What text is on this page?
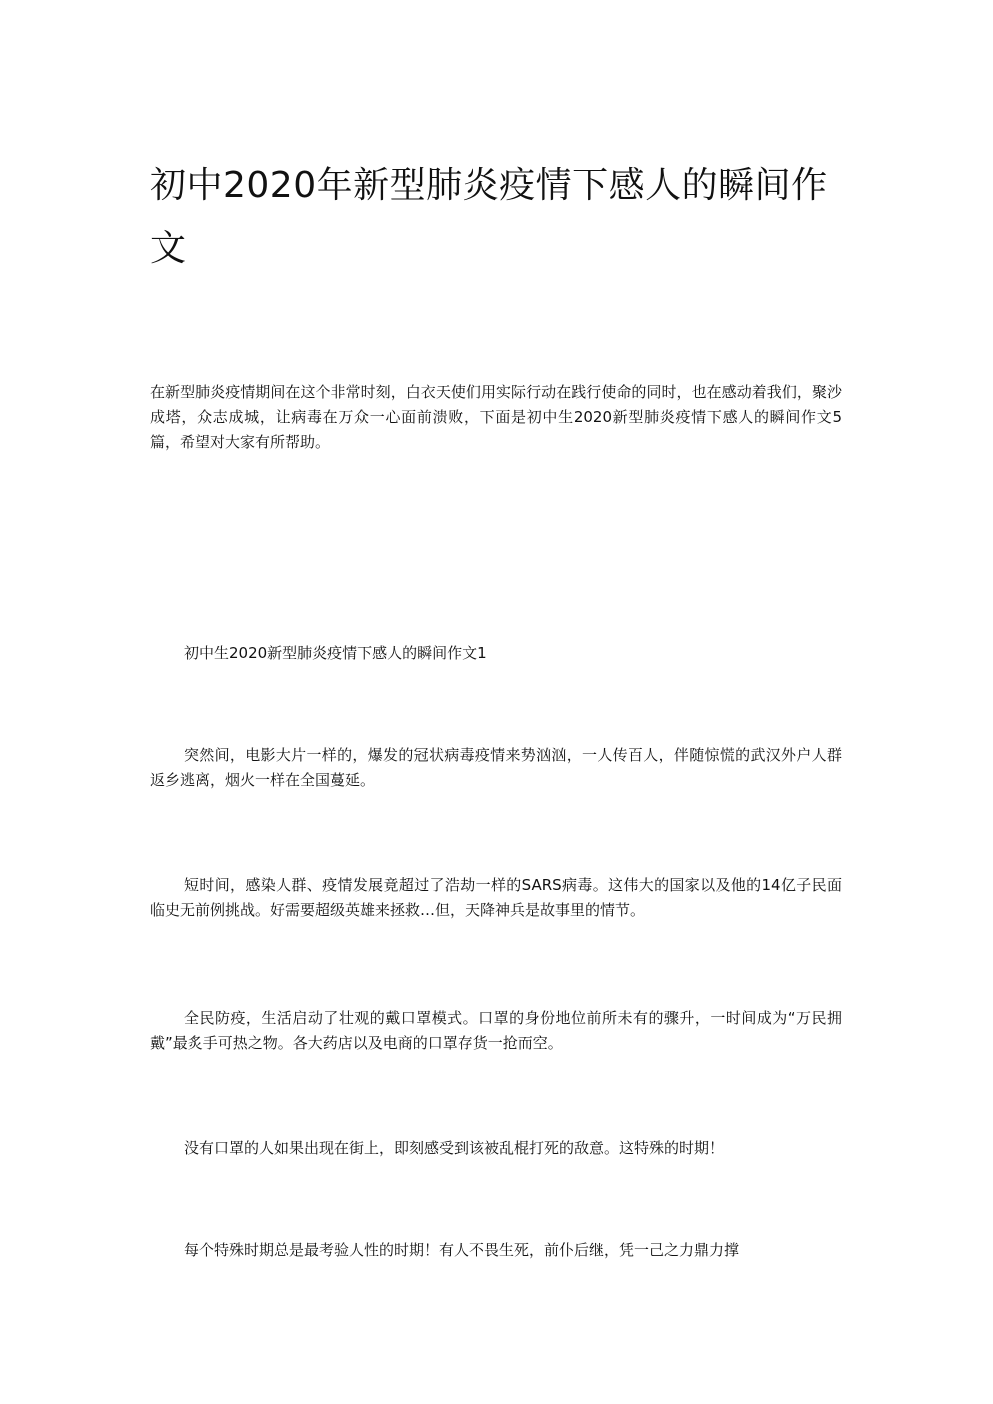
初中2020年新型肺炎疫情下感人的瞬间作文

在新型肺炎疫情期间在这个非常时刻，白衣天使们用实际行动在践行使命的同时，也在感动着我们，聚沙成塔，众志成城，让病毒在万众一心面前溃败，下面是初中生2020新型肺炎疫情下感人的瞬间作文5篇，希望对大家有所帮助。

初中生2020新型肺炎疫情下感人的瞬间作文1

突然间，电影大片一样的，爆发的冠状病毒疫情来势汹汹，一人传百人，伴随惊慌的武汉外户人群返乡逃离，烟火一样在全国蔓延。

短时间，感染人群、疫情发展竟超过了浩劫一样的SARS病毒。这伟大的国家以及他的14亿子民面临史无前例挑战。好需要超级英雄来拯救…但，天降神兵是故事里的情节。

全民防疫，生活启动了壮观的戴口罩模式。口罩的身份地位前所未有的骤升，一时间成为“万民拥戴”最炙手可热之物。各大药店以及电商的口罩存货一抢而空。

没有口罩的人如果出现在街上，即刻感受到该被乱棍打死的敌意。这特殊的时期！

每个特殊时期总是最考验人性的时期！有人不畏生死，前仆后继，凭一己之力鼎力撑
